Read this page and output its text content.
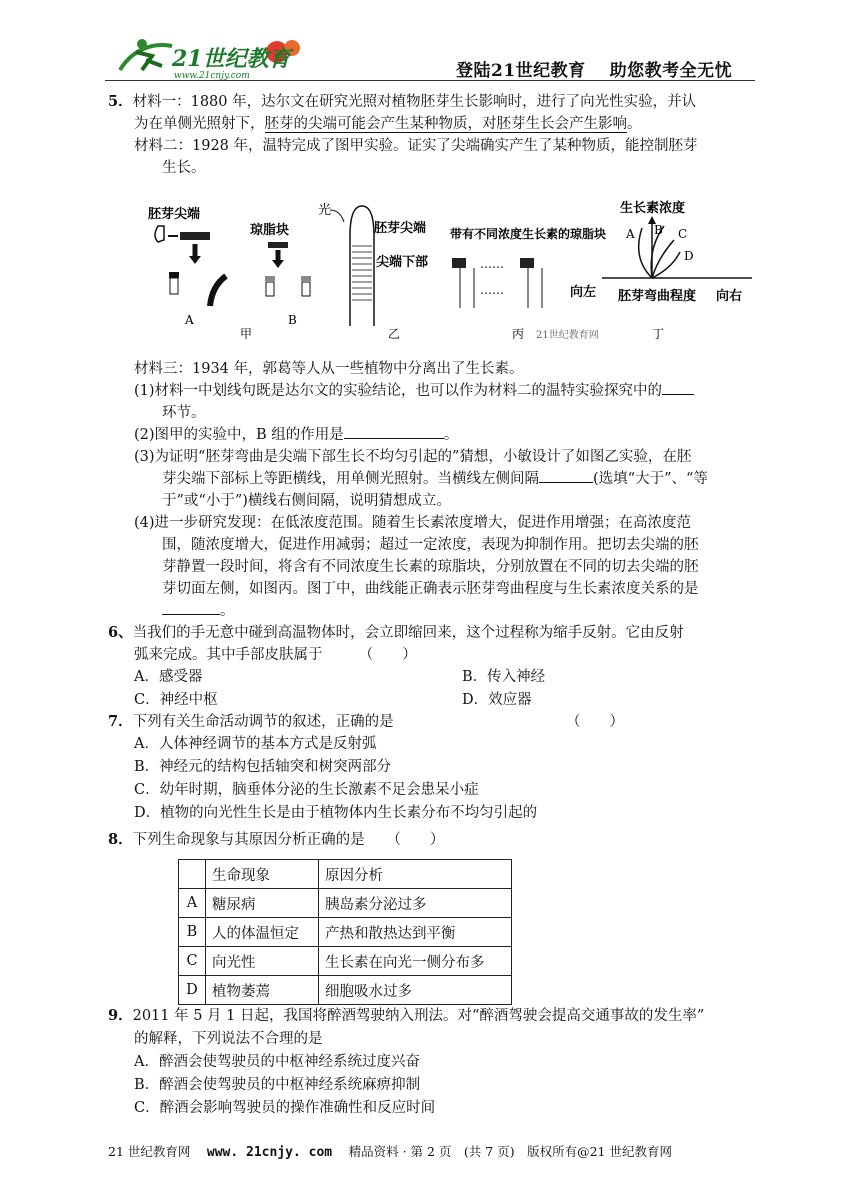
21世纪教育
www.21cnjy.com	登陆21世纪教育　 助您教考全无忧
5．材料一：1880 年，达尔文在研究光照对植物胚芽生长影响时，进行了向光性实验，并认
为在单侧光照射下，胚芽的尖端可能会产生某种物质，对胚芽生长会产生影响。
材料二：1928 年，温特完成了图甲实验。证实了尖端确实产生了某种物质，能控制胚芽
生长。
胚芽尖端
A
琼脂块
B
甲
光
胚芽尖端
尖端下部
乙
带有不同浓度生长素的琼脂块
……
……
丙 21世纪教育网
生长素浓度
A B C
D
向左 胚芽弯曲程度 向右
丁
材料三：1934 年，郭葛等人从一些植物中分离出了生长素。
(1)材料一中划线句既是达尔文的实验结论，也可以作为材料二的温特实验探究中的
环节。
(2)图甲的实验中，B 组的作用是	。
(3)为证明“胚芽弯曲是尖端下部生长不均匀引起的”猜想，小敏设计了如图乙实验，在胚
芽尖端下部标上等距横线，用单侧光照射。当横线左侧间隔	(选填“大于”、“等
于”或“小于”)横线右侧间隔，说明猜想成立。
(4)进一步研究发现：在低浓度范围。随着生长素浓度增大，促进作用增强；在高浓度范
围，随浓度增大，促进作用减弱；超过一定浓度，表现为抑制作用。把切去尖端的胚
芽静置一段时间，将含有不同浓度生长素的琼脂块，分别放置在不同的切去尖端的胚
芽切面左侧，如图丙。图丁中，曲线能正确表示胚芽弯曲程度与生长素浓度关系的是
。
6、当我们的手无意中碰到高温物体时，会立即缩回来，这个过程称为缩手反射。它由反射
弧来完成。其中手部皮肤属于　　　（　　）
A．感受器	B．传入神经
C．神经中枢	D．效应器
7．下列有关生命活动调节的叙述，正确的是	（　　）
A．人体神经调节的基本方式是反射弧
B．神经元的结构包括轴突和树突两部分
C．幼年时期，脑垂体分泌的生长激素不足会患呆小症
D．植物的向光性生长是由于植物体内生长素分布不均匀引起的
8．下列生命现象与其原因分析正确的是　　（　　）
	生命现象	原因分析
A	糖尿病	胰岛素分泌过多
B	人的体温恒定	产热和散热达到平衡
C	向光性	生长素在向光一侧分布多
D	植物萎蔫	细胞吸水过多
9．2011 年 5 月 1 日起，我国将醉酒驾驶纳入刑法。对“醉酒驾驶会提高交通事故的发生率”
的解释，下列说法不合理的是
A．醉酒会使驾驶员的中枢神经系统过度兴奋
B．醉酒会使驾驶员的中枢神经系统麻痹抑制
C．醉酒会影响驾驶员的操作准确性和反应时间
21 世纪教育网　 www. 21cnjy. com　 精品资料 · 第 2 页　(共 7 页)　版权所有@21 世纪教育网
